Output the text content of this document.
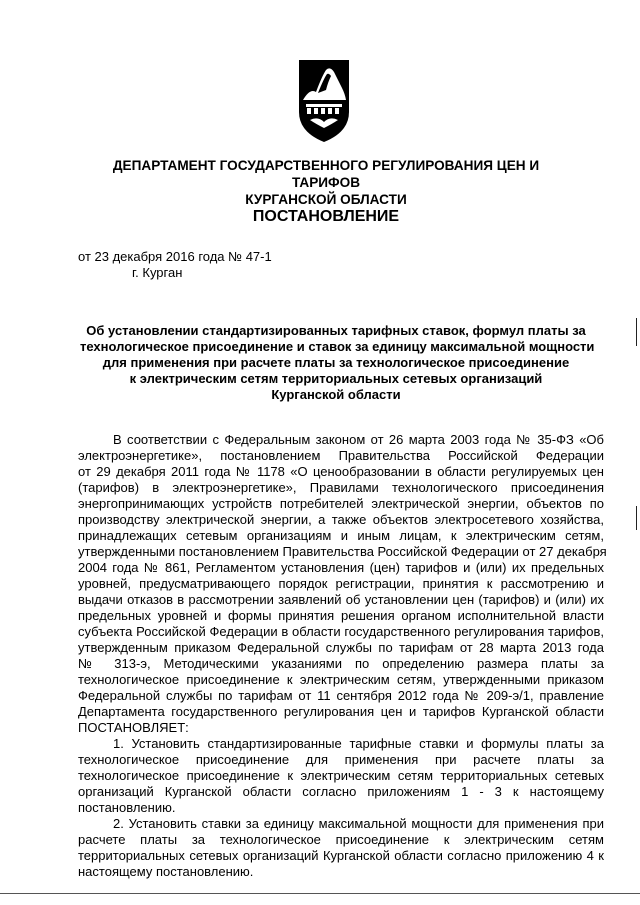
ДЕПАРТАМЕНТ ГОСУДАРСТВЕННОГО РЕГУЛИРОВАНИЯ ЦЕН И ТАРИФОВ
КУРГАНСКОЙ ОБЛАСТИ
ПОСТАНОВЛЕНИЕ
от 23 декабря 2016 года № 47-1
г. Курган
Об установлении стандартизированных тарифных ставок, формул платы за
технологическое присоединение и ставок за единицу максимальной мощности
для применения при расчете платы за технологическое присоединение
к электрическим сетям территориальных сетевых организаций
Курганской области
В соответствии с Федеральным законом от 26 марта 2003 года № 35-ФЗ «Об
электроэнергетике», постановлением Правительства Российской Федерации
от 29 декабря 2011 года № 1178 «О ценообразовании в области регулируемых цен
(тарифов) в электроэнергетике», Правилами технологического присоединения
энергопринимающих устройств потребителей электрической энергии, объектов по
производству электрической энергии, а также объектов электросетевого хозяйства,
принадлежащих сетевым организациям и иным лицам, к электрическим сетям,
утвержденными постановлением Правительства Российской Федерации от 27 декабря
2004 года № 861, Регламентом установления (цен) тарифов и (или) их предельных
уровней, предусматривающего порядок регистрации, принятия к рассмотрению и
выдачи отказов в рассмотрении заявлений об установлении цен (тарифов) и (или) их
предельных уровней и формы принятия решения органом исполнительной власти
субъекта Российской Федерации в области государственного регулирования тарифов,
утвержденным приказом Федеральной службы по тарифам от 28 марта 2013 года
№ 313-э, Методическими указаниями по определению размера платы за
технологическое присоединение к электрическим сетям, утвержденными приказом
Федеральной службы по тарифам от 11 сентября 2012 года № 209-э/1, правление
Департамента государственного регулирования цен и тарифов Курганской области
ПОСТАНОВЛЯЕТ:
1. Установить стандартизированные тарифные ставки и формулы платы за
технологическое присоединение для применения при расчете платы за
технологическое присоединение к электрическим сетям территориальных сетевых
организаций Курганской области согласно приложениям 1 - 3 к настоящему
постановлению.
2. Установить ставки за единицу максимальной мощности для применения при
расчете платы за технологическое присоединение к электрическим сетям
территориальных сетевых организаций Курганской области согласно приложению 4 к
настоящему постановлению.
